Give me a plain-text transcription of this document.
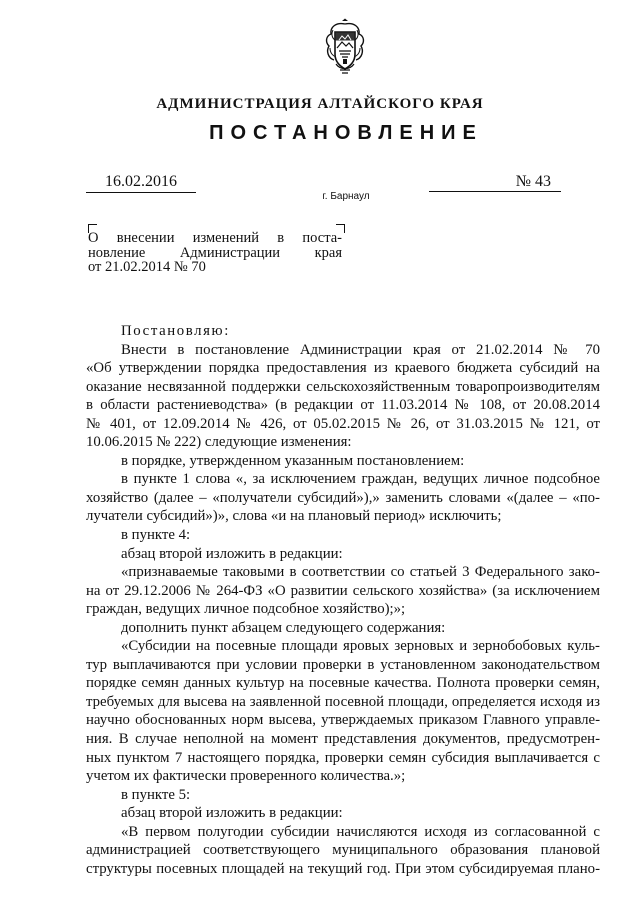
АДМИНИСТРАЦИЯ АЛТАЙСКОГО КРАЯ
ПОСТАНОВЛЕНИЕ
16.02.2016	№ 43
г. Барнаул
О внесении изменений в поста-
новление Администрации края
от 21.02.2014 № 70
Постановляю:
Внести в постановление Администрации края от 21.02.2014 № 70
«Об утверждении порядка предоставления из краевого бюджета субсидий на
оказание несвязанной поддержки сельскохозяйственным товаропроизводителям
в области растениеводства» (в редакции от 11.03.2014 № 108, от 20.08.2014
№ 401, от 12.09.2014 № 426, от 05.02.2015 № 26, от 31.03.2015 № 121, от
10.06.2015 № 222) следующие изменения:
в порядке, утвержденном указанным постановлением:
в пункте 1 слова «, за исключением граждан, ведущих личное подсобное
хозяйство (далее – «получатели субсидий»),» заменить словами «(далее – «по-
лучатели субсидий»)», слова «и на плановый период» исключить;
в пункте 4:
абзац второй изложить в редакции:
«признаваемые таковыми в соответствии со статьей 3 Федерального зако-
на от 29.12.2006 № 264-ФЗ «О развитии сельского хозяйства» (за исключением
граждан, ведущих личное подсобное хозяйство);»;
дополнить пункт абзацем следующего содержания:
«Субсидии на посевные площади яровых зерновых и зернобобовых куль-
тур выплачиваются при условии проверки в установленном законодательством
порядке семян данных культур на посевные качества. Полнота проверки семян,
требуемых для высева на заявленной посевной площади, определяется исходя из
научно обоснованных норм высева, утверждаемых приказом Главного управле-
ния. В случае неполной на момент представления документов, предусмотрен-
ных пунктом 7 настоящего порядка, проверки семян субсидия выплачивается с
учетом их фактически проверенного количества.»;
в пункте 5:
абзац второй изложить в редакции:
«В первом полугодии субсидии начисляются исходя из согласованной с
администрацией соответствующего муниципального образования плановой
структуры посевных площадей на текущий год. При этом субсидируемая плано-
